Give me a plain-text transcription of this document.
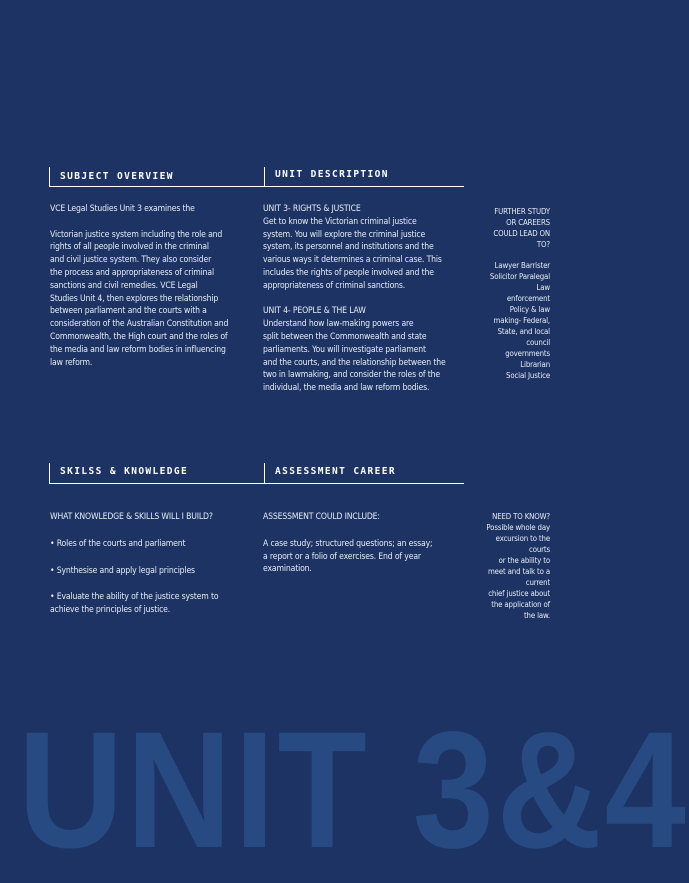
SUBJECT OVERVIEW	UNIT DESCRIPTION

VCE Legal Studies Unit 3 examines the

Victorian justice system including the role and

rights of all people involved in the criminal

and civil justice system. They also consider

the process and appropriateness of criminal

sanctions and civil remedies. VCE Legal

Studies Unit 4, then explores the relationship

between parliament and the courts with a

consideration of the Australian Constitution and

Commonwealth, the High court and the roles of

the media and law reform bodies in influencing

law reform.

UNIT 3- RIGHTS & JUSTICE

Get to know the Victorian criminal justice

system. You will explore the criminal justice

system, its personnel and institutions and the

various ways it determines a criminal case. This

includes the rights of people involved and the

appropriateness of criminal sanctions.

UNIT 4- PEOPLE & THE LAW

Understand how law-making powers are

split between the Commonwealth and state

parliaments. You will investigate parliament

and the courts, and the relationship between the

two in lawmaking, and consider the roles of the

individual, the media and law reform bodies.

FURTHER STUDY

OR CAREERS

COULD LEAD ON

TO?

Lawyer Barrister

Solicitor Paralegal

Law

enforcement

Policy & law

making- Federal,

State, and local

council

governments

Librarian

Social Justice

SKILSS & KNOWLEDGE	ASSESSMENT CAREER

WHAT KNOWLEDGE & SKILLS WILL I BUILD?

• Roles of the courts and parliament

• Synthesise and apply legal principles

• Evaluate the ability of the justice system to

achieve the principles of justice.

ASSESSMENT COULD INCLUDE:

A case study; structured questions; an essay;

a report or a folio of exercises. End of year

examination.

NEED TO KNOW?

Possible whole day

excursion to the

courts

or the ability to

meet and talk to a

current

chief justice about

the application of

the law.

UNIT 3&4
